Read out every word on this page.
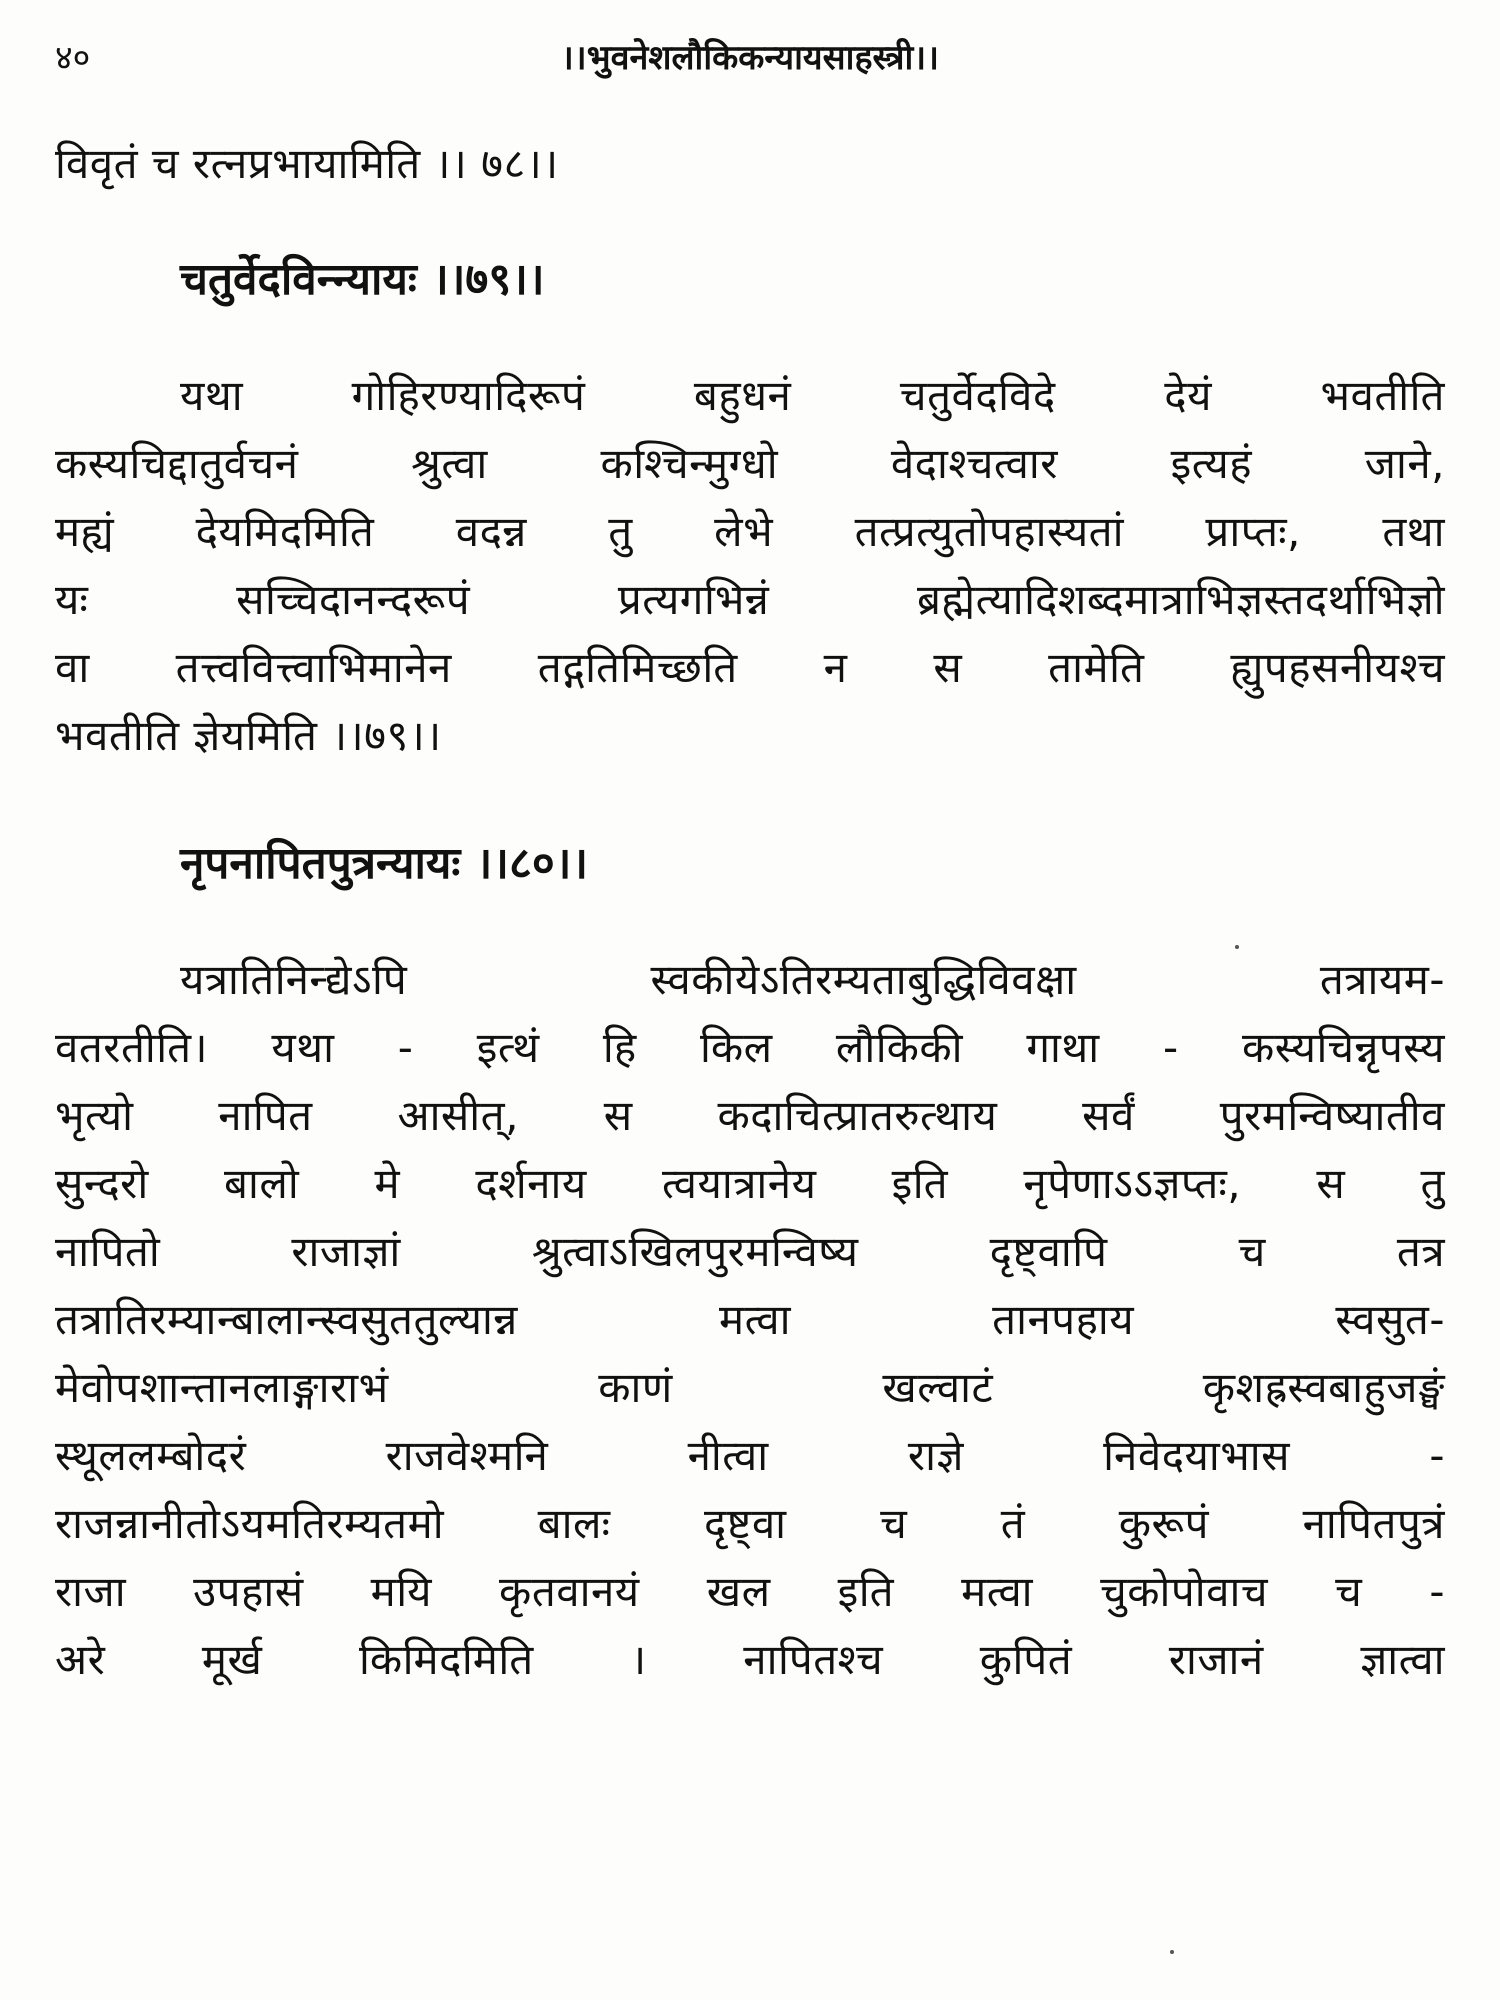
४०	।।भुवनेशलौकिकन्यायसाहस्त्री।।
विवृतं च रत्नप्रभायामिति ।। ७८।।
चतुर्वेदविन्न्यायः ।।७९।।
यथा गोहिरण्यादिरूपं बहुधनं चतुर्वेदविदे देयं भवतीति
कस्यचिद्दातुर्वचनं श्रुत्वा कश्चिन्मुग्धो वेदाश्चत्वार इत्यहं जाने,
मह्यं देयमिदमिति वदन्न तु लेभे तत्प्रत्युतोपहास्यतां प्राप्तः, तथा
यः सच्चिदानन्दरूपं प्रत्यगभिन्नं ब्रह्मेत्यादिशब्दमात्राभिज्ञस्तदर्थाभिज्ञो
वा तत्त्ववित्त्वाभिमानेन तद्गतिमिच्छति न स तामेति ह्युपहसनीयश्च
भवतीति ज्ञेयमिति ।।७९।।
नृपनापितपुत्रन्यायः ।।८०।।
यत्रातिनिन्द्येऽपि स्वकीयेऽतिरम्यताबुद्धिविवक्षा तत्रायम-
वतरतीति। यथा - इत्थं हि किल लौकिकी गाथा - कस्यचिन्नृपस्य
भृत्यो नापित आसीत्, स कदाचित्प्रातरुत्थाय सर्वं पुरमन्विष्यातीव
सुन्दरो बालो मे दर्शनाय त्वयात्रानेय इति नृपेणाऽऽज्ञप्तः, स तु
नापितो राजाज्ञां श्रुत्वाऽखिलपुरमन्विष्य दृष्ट्वापि च तत्र
तत्रातिरम्यान्बालान्स्वसुततुल्यान्न मत्वा तानपहाय स्वसुत-
मेवोपशान्तानलाङ्गाराभं काणं खल्वाटं कृशह्रस्वबाहुजङ्घं
स्थूललम्बोदरं राजवेश्मनि नीत्वा राज्ञे निवेदयाभास -
राजन्नानीतोऽयमतिरम्यतमो बालः दृष्ट्वा च तं कुरूपं नापितपुत्रं
राजा उपहासं मयि कृतवानयं खल इति मत्वा चुकोपोवाच च -
अरे मूर्ख किमिदमिति । नापितश्च कुपितं राजानं ज्ञात्वा
